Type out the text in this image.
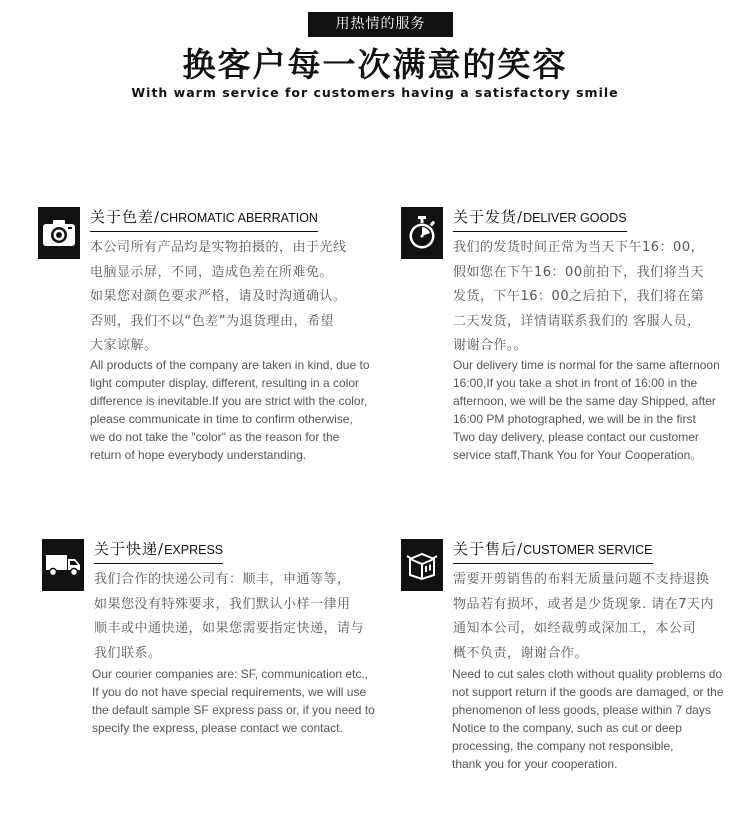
用热情的服务
换客户每一次满意的笑容
With warm service for customers having a satisfactory smile
关于色差/CHROMATIC ABERRATION
本公司所有产品均是实物拍摄的，由于光线
电脑显示屏，不同，造成色差在所难免。
如果您对颜色要求严格，请及时沟通确认。
否则，我们不以“色差”为退货理由，希望
大家谅解。
All products of the company are taken in kind, due to
light computer display, different, resulting in a color
difference is inevitable.If you are strict with the color,
please communicate in time to confirm otherwise,
we do not take the "color" as the reason for the
return of hope everybody understanding.
关于发货/DELIVER GOODS
我们的发货时间正常为当天下午16：00，
假如您在下午16：00前拍下，我们将当天
发货，下午16：00之后拍下，我们将在第
二天发货，详情请联系我们的 客服人员，
谢谢合作。。
Our delivery time is normal for the same afternoon
16:00,If you take a shot in front of 16:00 in the
afternoon, we will be the same day Shipped, after
16:00 PM photographed, we will be in the first
Two day delivery, please contact our customer
service staff,Thank You for Your Cooperation。
关于快递/EXPRESS
我们合作的快递公司有：顺丰，申通等等，
如果您没有特殊要求，我们默认小样一律用
顺丰或中通快递，如果您需要指定快递，请与
我们联系。
Our courier companies are: SF, communication etc.,
If you do not have special requirements, we will use
the default sample SF express pass or, if you need to
specify the express, please contact we contact.
关于售后/CUSTOMER SERVICE
需要开剪销售的布料无质量问题不支持退换
物品若有损坏，或者是少货现象. 请在7天内
通知本公司，如经裁剪或深加工，本公司
概不负责，谢谢合作。
Need to cut sales cloth without quality problems do
not support return if the goods are damaged, or the
phenomenon of less goods, please within 7 days
Notice to the company, such as cut or deep
processing, the company not responsible,
thank you for your cooperation.
